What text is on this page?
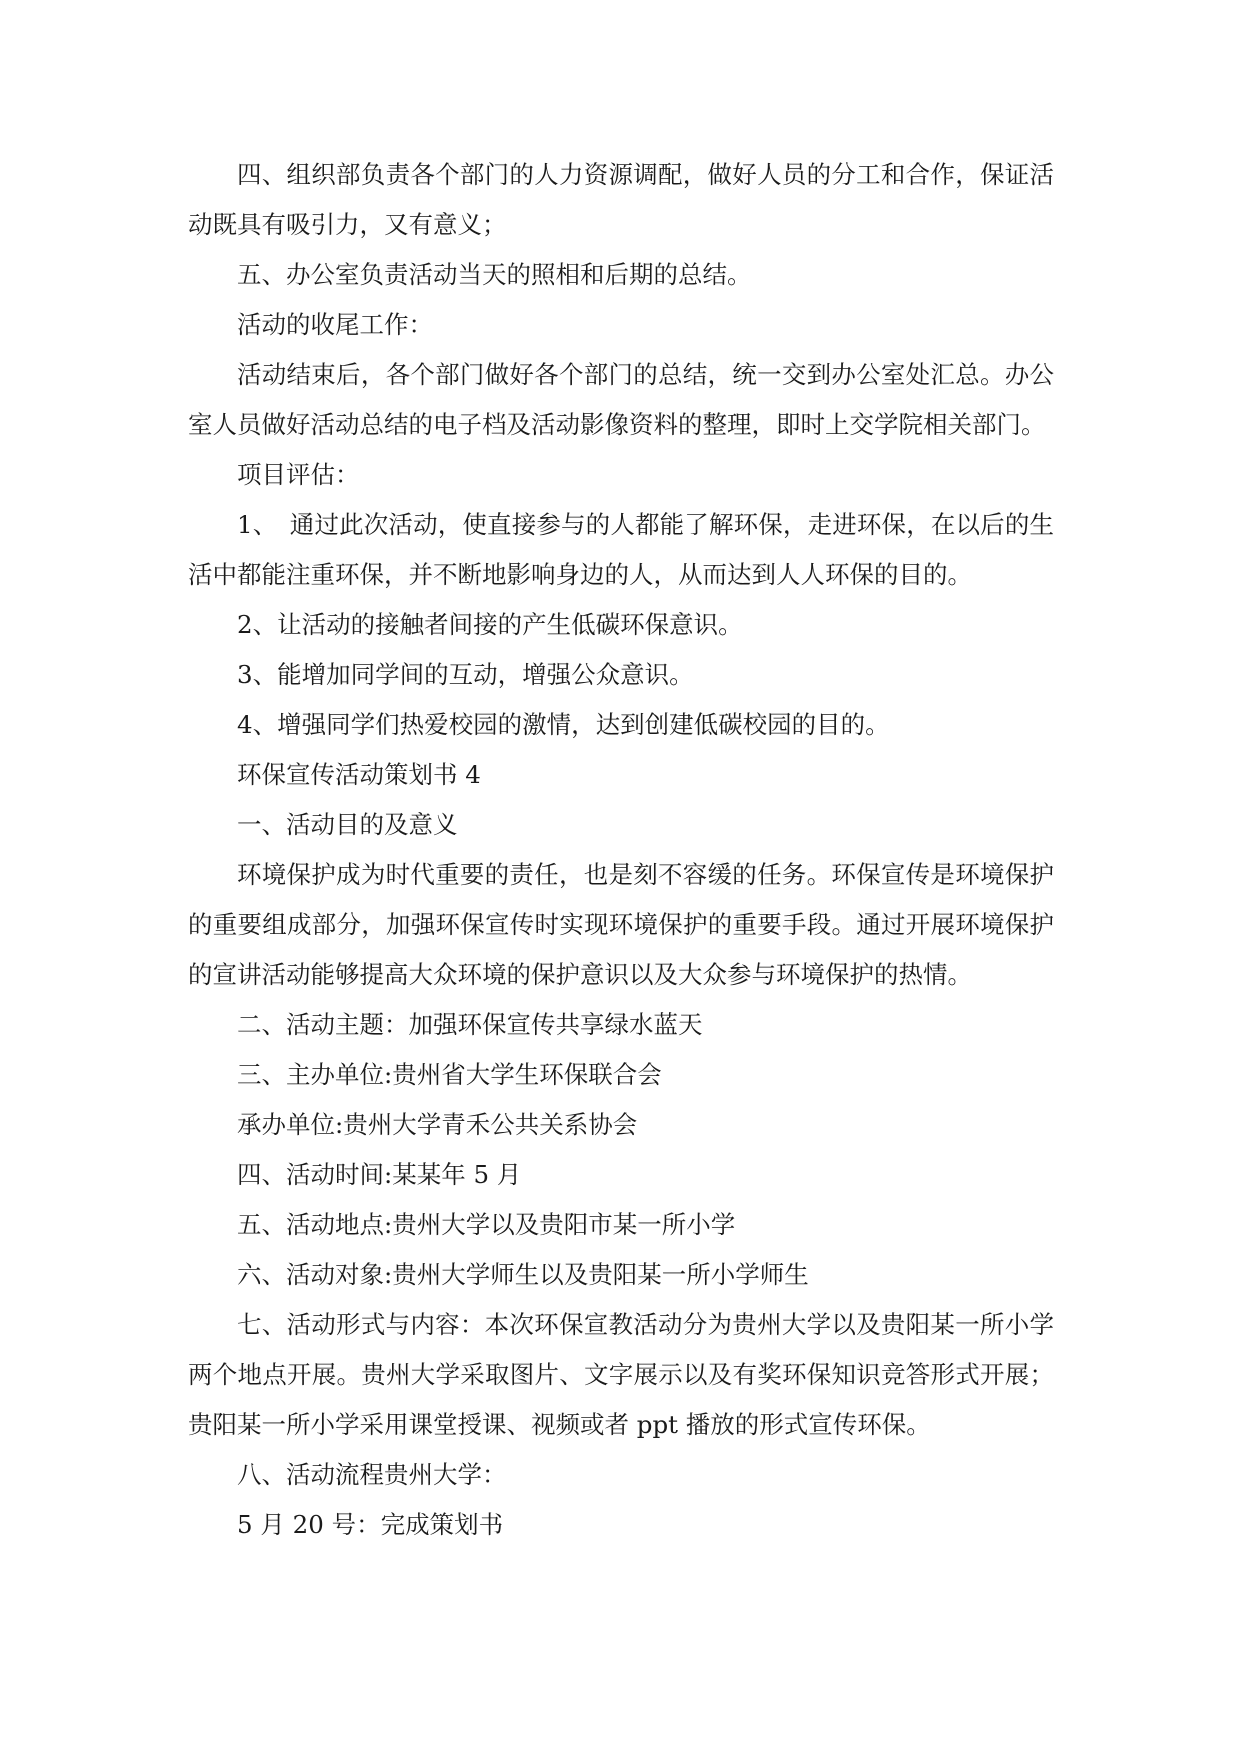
四、组织部负责各个部门的人力资源调配，做好人员的分工和合作，保证活动既具有吸引力，又有意义；

五、办公室负责活动当天的照相和后期的总结。

活动的收尾工作：

活动结束后，各个部门做好各个部门的总结，统一交到办公室处汇总。办公室人员做好活动总结的电子档及活动影像资料的整理，即时上交学院相关部门。

项目评估：

1、　通过此次活动，使直接参与的人都能了解环保，走进环保，在以后的生活中都能注重环保，并不断地影响身边的人，从而达到人人环保的目的。

2、让活动的接触者间接的产生低碳环保意识。

3、能增加同学间的互动，增强公众意识。

4、增强同学们热爱校园的激情，达到创建低碳校园的目的。

环保宣传活动策划书 4

一、活动目的及意义

环境保护成为时代重要的责任，也是刻不容缓的任务。环保宣传是环境保护的重要组成部分，加强环保宣传时实现环境保护的重要手段。通过开展环境保护的宣讲活动能够提高大众环境的保护意识以及大众参与环境保护的热情。

二、活动主题：加强环保宣传共享绿水蓝天

三、主办单位:贵州省大学生环保联合会

承办单位:贵州大学青禾公共关系协会

四、活动时间:某某年 5 月

五、活动地点:贵州大学以及贵阳市某一所小学

六、活动对象:贵州大学师生以及贵阳某一所小学师生

七、活动形式与内容：本次环保宣教活动分为贵州大学以及贵阳某一所小学两个地点开展。贵州大学采取图片、文字展示以及有奖环保知识竞答形式开展；贵阳某一所小学采用课堂授课、视频或者 ppt 播放的形式宣传环保。

八、活动流程贵州大学：

5 月 20 号：完成策划书
